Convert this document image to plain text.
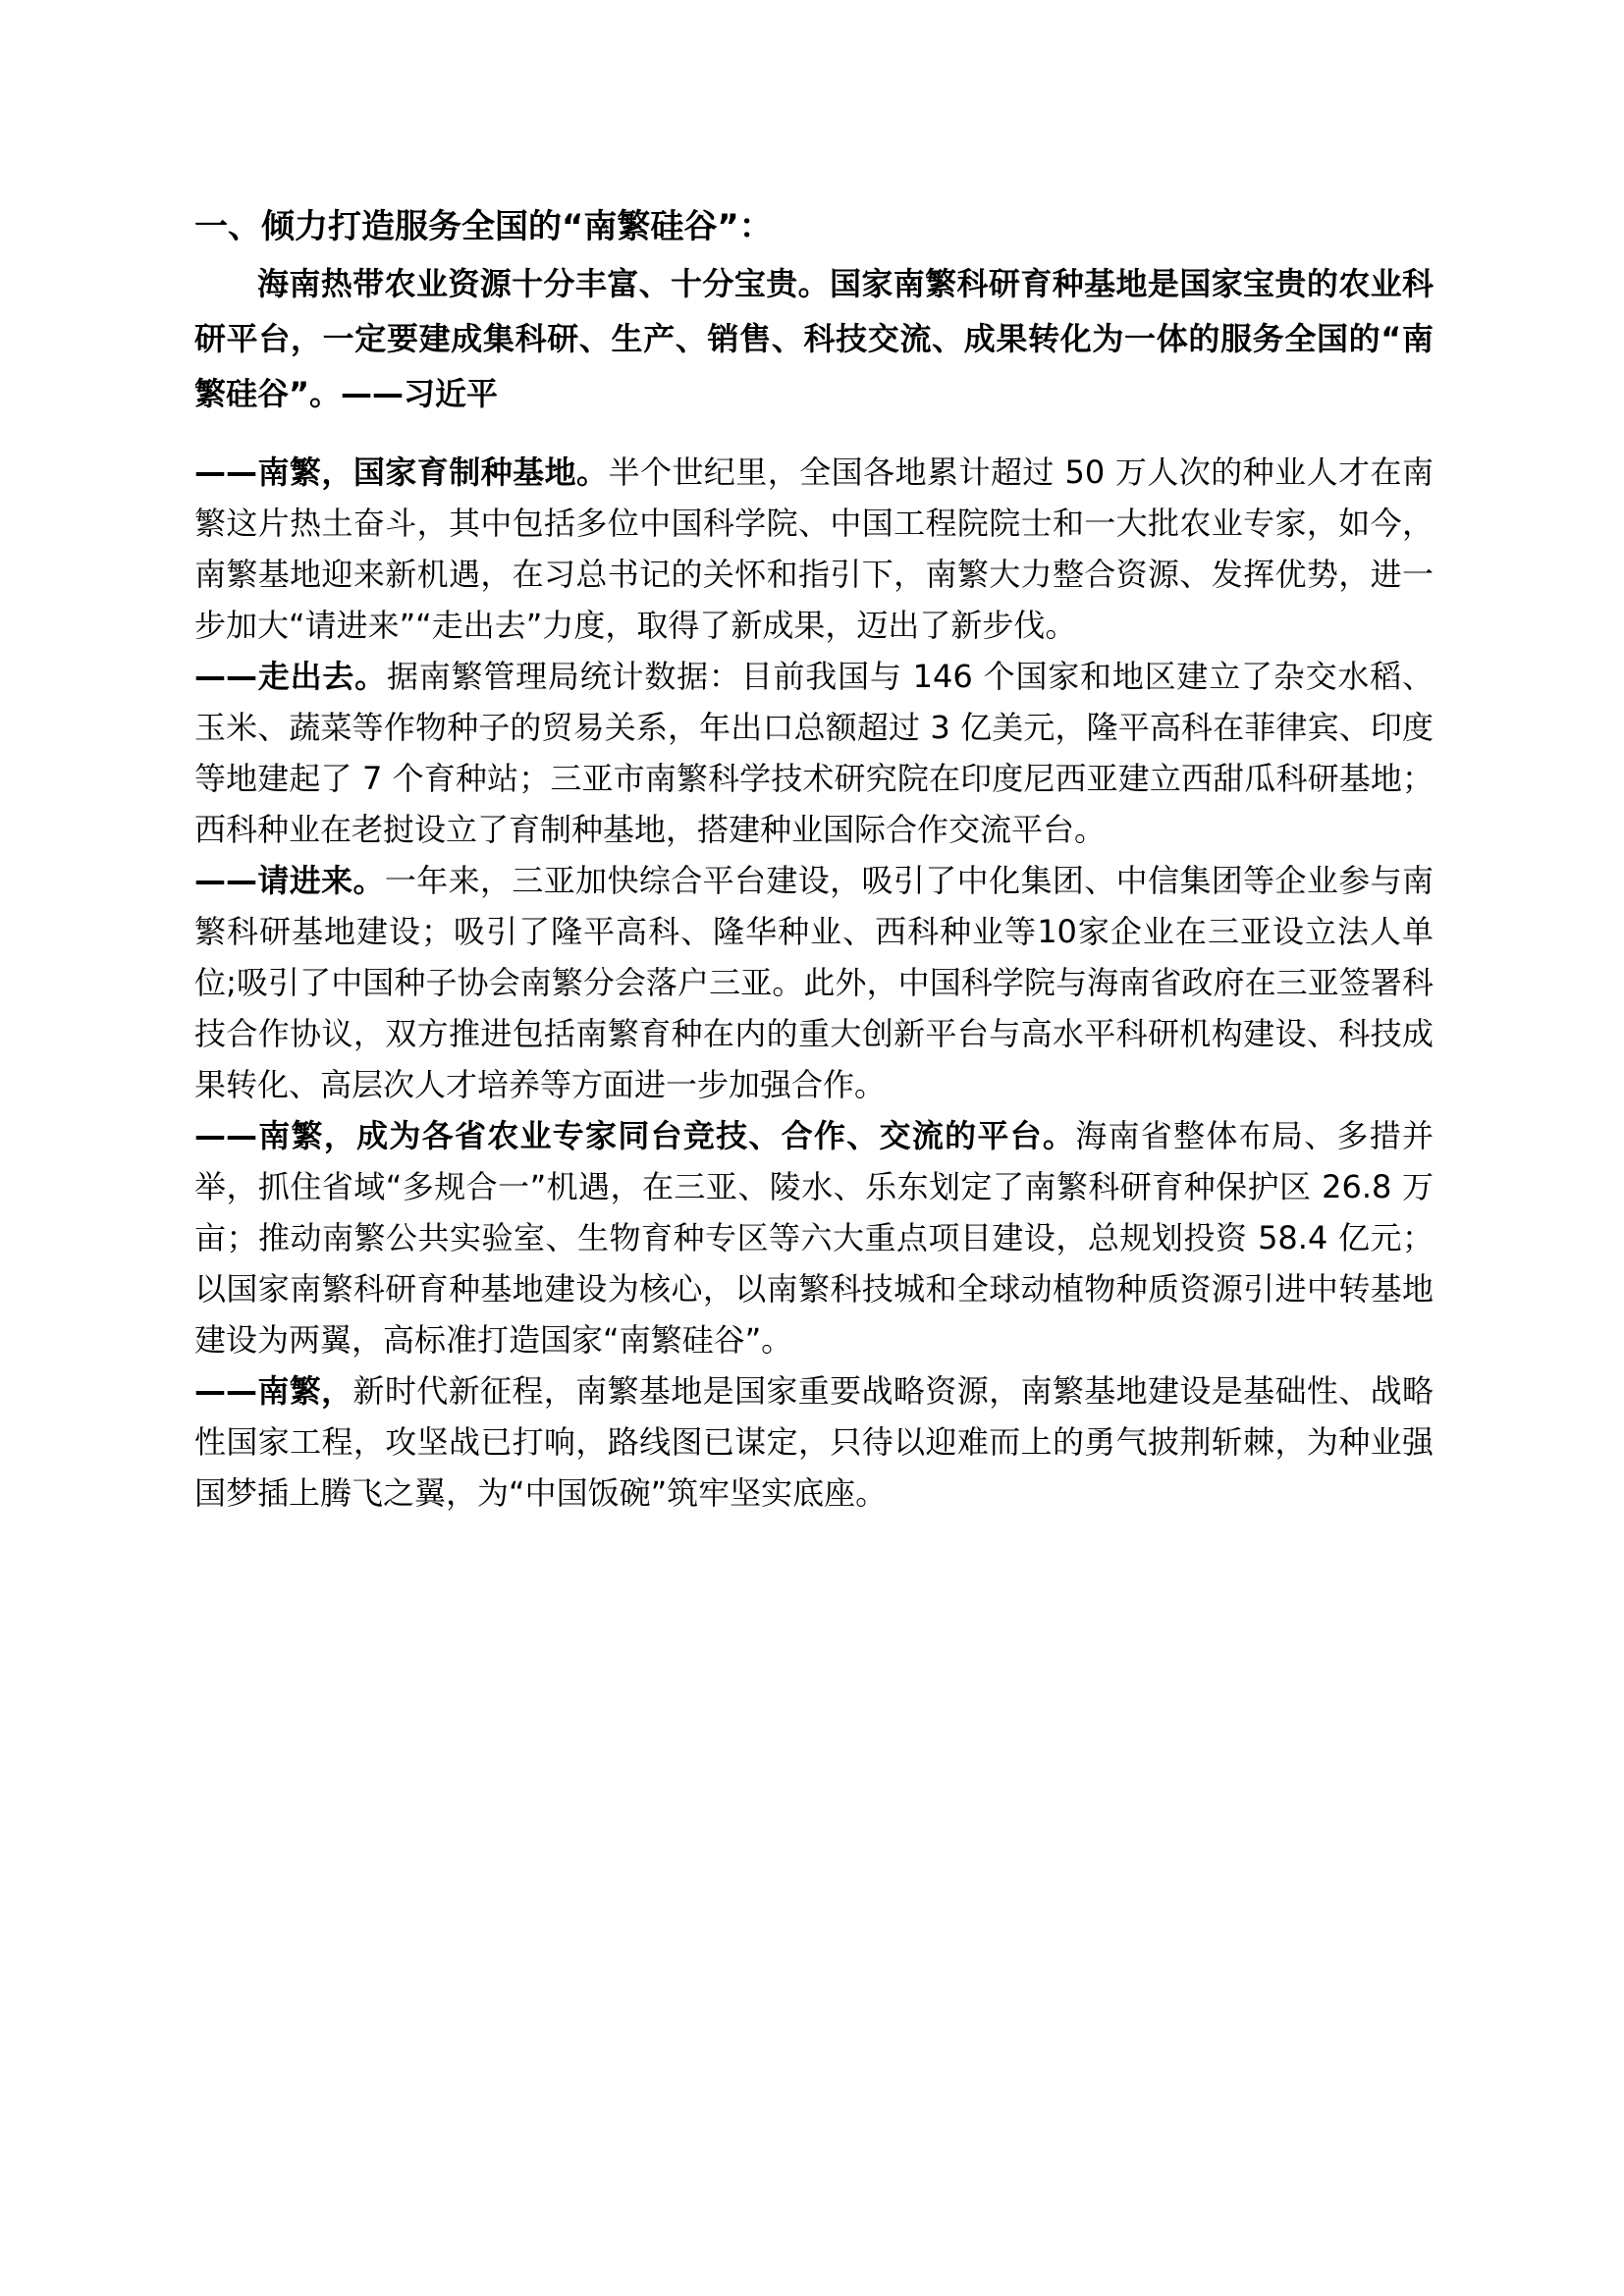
一、倾力打造服务全国的“南繁硅谷”：

海南热带农业资源十分丰富、十分宝贵。国家南繁科研育种基地是国家宝贵的农业科研平台，一定要建成集科研、生产、销售、科技交流、成果转化为一体的服务全国的“南繁硅谷”。——习近平

——南繁，国家育制种基地。半个世纪里，全国各地累计超过 50 万人次的种业人才在南繁这片热土奋斗，其中包括多位中国科学院、中国工程院院士和一大批农业专家，如今，南繁基地迎来新机遇，在习总书记的关怀和指引下，南繁大力整合资源、发挥优势，进一步加大“请进来”“走出去”力度，取得了新成果，迈出了新步伐。

——走出去。据南繁管理局统计数据：目前我国与 146 个国家和地区建立了杂交水稻、玉米、蔬菜等作物种子的贸易关系，年出口总额超过 3 亿美元，隆平高科在菲律宾、印度等地建起了 7 个育种站；三亚市南繁科学技术研究院在印度尼西亚建立西甜瓜科研基地；西科种业在老挝设立了育制种基地，搭建种业国际合作交流平台。

——请进来。一年来，三亚加快综合平台建设，吸引了中化集团、中信集团等企业参与南繁科研基地建设；吸引了隆平高科、隆华种业、西科种业等10家企业在三亚设立法人单位;吸引了中国种子协会南繁分会落户三亚。此外，中国科学院与海南省政府在三亚签署科技合作协议，双方推进包括南繁育种在内的重大创新平台与高水平科研机构建设、科技成果转化、高层次人才培养等方面进一步加强合作。

——南繁，成为各省农业专家同台竞技、合作、交流的平台。海南省整体布局、多措并举，抓住省域“多规合一”机遇，在三亚、陵水、乐东划定了南繁科研育种保护区 26.8 万亩；推动南繁公共实验室、生物育种专区等六大重点项目建设，总规划投资 58.4 亿元；以国家南繁科研育种基地建设为核心，以南繁科技城和全球动植物种质资源引进中转基地建设为两翼，高标准打造国家“南繁硅谷”。

——南繁，新时代新征程，南繁基地是国家重要战略资源，南繁基地建设是基础性、战略性国家工程，攻坚战已打响，路线图已谋定，只待以迎难而上的勇气披荆斩棘，为种业强国梦插上腾飞之翼，为“中国饭碗”筑牢坚实底座。
